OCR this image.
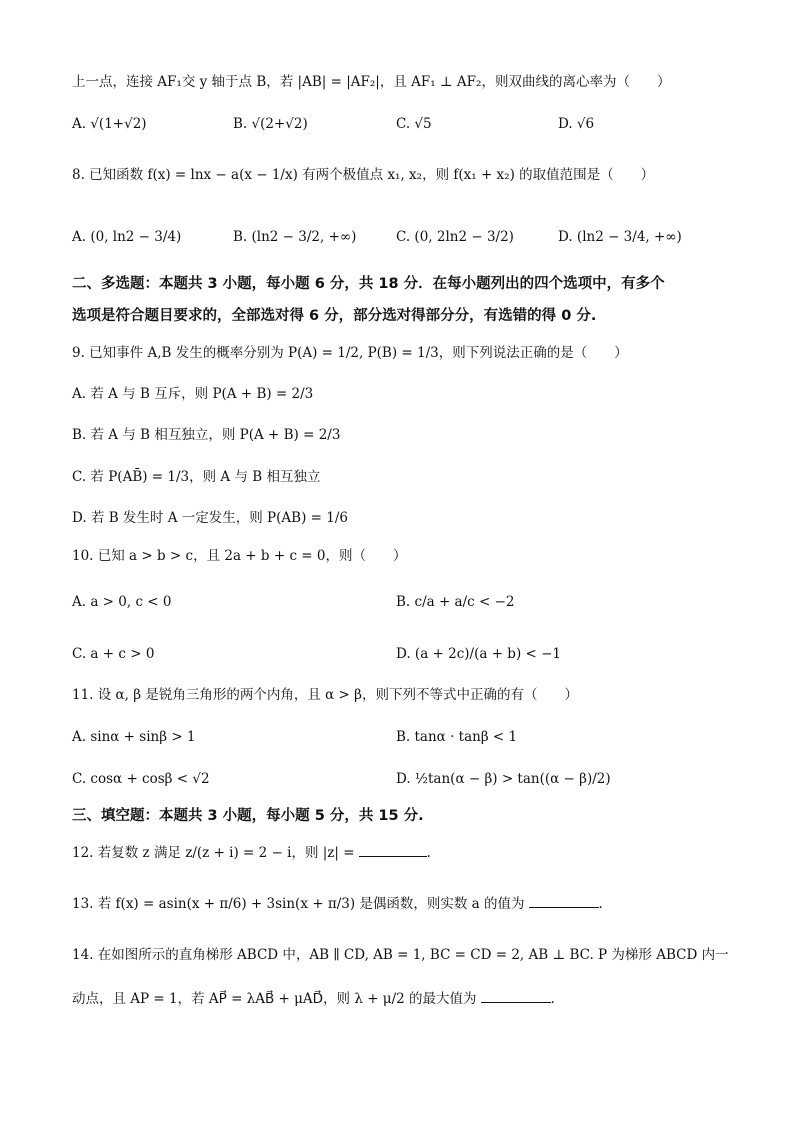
上一点，连接 AF₁交 y 轴于点 B，若 |AB| = |AF₂|，且 AF₁ ⊥ AF₂，则双曲线的离心率为（　　）
A. √(1+√2)	B. √(2+√2)	C. √5	D. √6
8. 已知函数 f(x) = lnx − a(x − 1/x) 有两个极值点 x₁, x₂，则 f(x₁ + x₂) 的取值范围是（　　）
A. (0, ln2 − 3/4)	B. (ln2 − 3/2, +∞)	C. (0, 2ln2 − 3/2)	D. (ln2 − 3/4, +∞)
二、多选题：本题共 3 小题，每小题 6 分，共 18 分．在每小题列出的四个选项中，有多个
选项是符合题目要求的，全部选对得 6 分，部分选对得部分分，有选错的得 0 分.
9. 已知事件 A,B 发生的概率分别为 P(A) = 1/2, P(B) = 1/3，则下列说法正确的是（　　）
A. 若 A 与 B 互斥，则 P(A + B) = 2/3
B. 若 A 与 B 相互独立，则 P(A + B) = 2/3
C. 若 P(AB̄) = 1/3，则 A 与 B 相互独立
D. 若 B 发生时 A 一定发生，则 P(AB) = 1/6
10. 已知 a > b > c，且 2a + b + c = 0，则（　　）
A. a > 0, c < 0	B. c/a + a/c < −2
C. a + c > 0	D. (a + 2c)/(a + b) < −1
11. 设 α, β 是锐角三角形的两个内角，且 α > β，则下列不等式中正确的有（　　）
A. sinα + sinβ > 1	B. tanα · tanβ < 1
C. cosα + cosβ < √2	D. ½tan(α − β) > tan((α − β)/2)
三、填空题：本题共 3 小题，每小题 5 分，共 15 分.
12. 若复数 z 满足 z/(z + i) = 2 − i，则 |z| =	.
13. 若 f(x) = asin(x + π/6) + 3sin(x + π/3) 是偶函数，则实数 a 的值为	.
14. 在如图所示的直角梯形 ABCD 中，AB ∥ CD, AB = 1, BC = CD = 2, AB ⊥ BC. P 为梯形 ABCD 内一
动点，且 AP = 1，若 AP⃗ = λAB⃗ + μAD⃗，则 λ + μ/2 的最大值为	.
